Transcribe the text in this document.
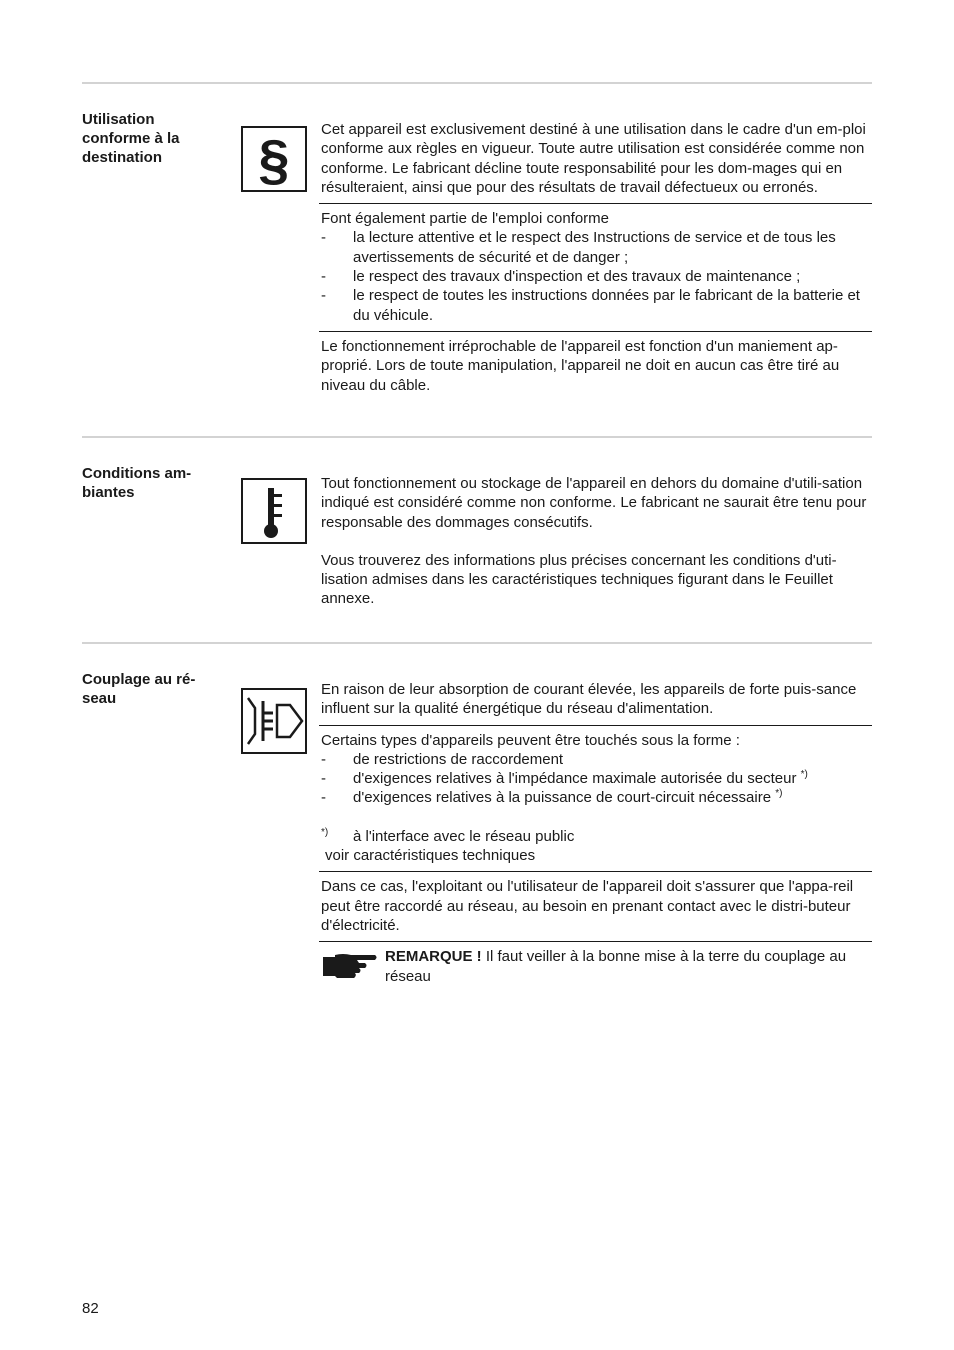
Utilisation conforme à la destination	§ Cet appareil est exclusivement destiné à une utilisation dans le cadre d'un em-ploi conforme aux règles en vigueur. Toute autre utilisation est considérée comme non conforme. Le fabricant décline toute responsabilité pour les dom-mages qui en résulteraient, ainsi que pour des résultats de travail défectueux ou erronés.

Font également partie de l'emploi conforme

-	la lecture attentive et le respect des Instructions de service et de tous les avertissements de sécurité et de danger ;
-	le respect des travaux d'inspection et des travaux de maintenance ;
-	le respect de toutes les instructions données par le fabricant de la batterie et du véhicule.

Le fonctionnement irréprochable de l'appareil est fonction d'un maniement ap-proprié. Lors de toute manipulation, l'appareil ne doit en aucun cas être tiré au niveau du câble.

Conditions am-biantes

Tout fonctionnement ou stockage de l'appareil en dehors du domaine d'utili-sation indiqué est considéré comme non conforme. Le fabricant ne saurait être tenu pour responsable des dommages consécutifs.

Vous trouverez des informations plus précises concernant les conditions d'uti-lisation admises dans les caractéristiques techniques figurant dans le Feuillet annexe.

Couplage au ré-seau

En raison de leur absorption de courant élevée, les appareils de forte puis-sance influent sur la qualité énergétique du réseau d'alimentation.

Certains types d'appareils peuvent être touchés sous la forme :

-	de restrictions de raccordement
-	d'exigences relatives à l'impédance maximale autorisée du secteur *)
-	d'exigences relatives à la puissance de court-circuit nécessaire *)
*)	à l'interface avec le réseau public

voir caractéristiques techniques

Dans ce cas, l'exploitant ou l'utilisateur de l'appareil doit s'assurer que l'appa-reil peut être raccordé au réseau, au besoin en prenant contact avec le distri-buteur d'électricité.

REMARQUE ! Il faut veiller à la bonne mise à la terre du couplage au réseau
82
